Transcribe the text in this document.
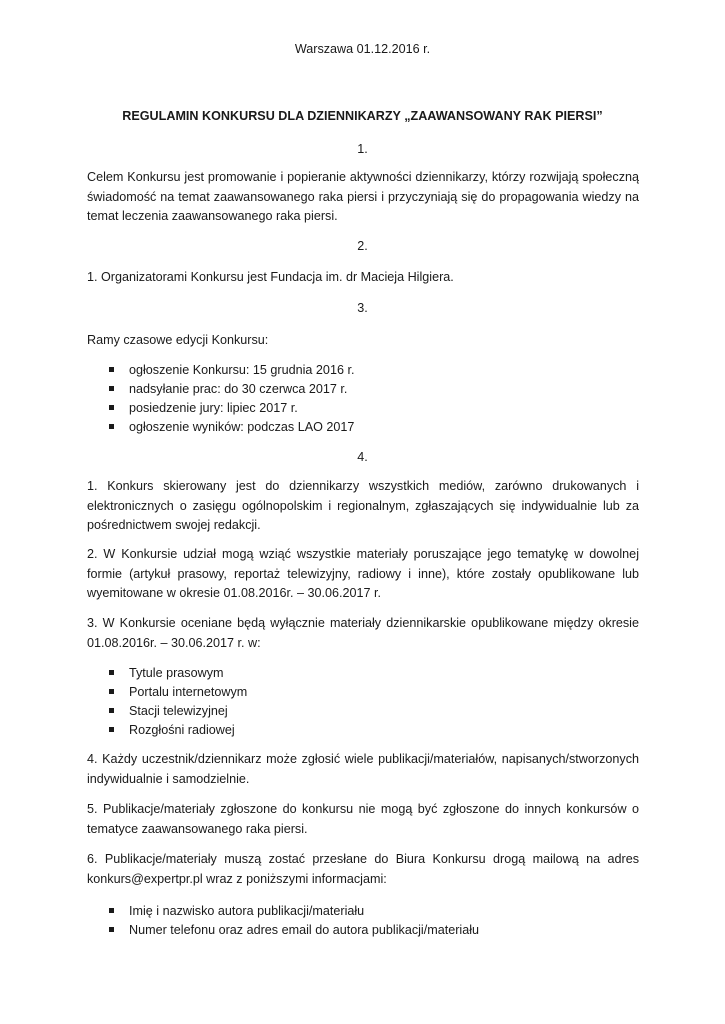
Warszawa 01.12.2016 r.

REGULAMIN KONKURSU DLA DZIENNIKARZY „ZAAWANSOWANY RAK PIERSI”

1.

Celem Konkursu jest promowanie i popieranie aktywności dziennikarzy, którzy rozwijają społeczną świadomość na temat zaawansowanego raka piersi i przyczyniają się do propagowania wiedzy na temat leczenia zaawansowanego raka piersi.

2.

1. Organizatorami Konkursu jest Fundacja im. dr Macieja Hilgiera.

3.

Ramy czasowe edycji Konkursu:

ogłoszenie Konkursu: 15 grudnia 2016 r.
nadsyłanie prac: do 30 czerwca 2017 r.
posiedzenie jury: lipiec 2017 r.
ogłoszenie wyników: podczas LAO 2017

4.

1. Konkurs skierowany jest do dziennikarzy wszystkich mediów, zarówno drukowanych i elektronicznych o zasięgu ogólnopolskim i regionalnym, zgłaszających się indywidualnie lub za pośrednictwem swojej redakcji.

2. W Konkursie udział mogą wziąć wszystkie materiały poruszające jego tematykę w dowolnej formie (artykuł prasowy, reportaż telewizyjny, radiowy i inne), które zostały opublikowane lub wyemitowane w okresie 01.08.2016r. – 30.06.2017 r.

3. W Konkursie oceniane będą wyłącznie materiały dziennikarskie opublikowane między okresie 01.08.2016r. – 30.06.2017 r. w:

Tytule prasowym
Portalu internetowym
Stacji telewizyjnej
Rozgłośni radiowej

4. Każdy uczestnik/dziennikarz może zgłosić wiele publikacji/materiałów, napisanych/stworzonych indywidualnie i samodzielnie.

5. Publikacje/materiały zgłoszone do konkursu nie mogą być zgłoszone do innych konkursów o tematyce zaawansowanego raka piersi.

6. Publikacje/materiały muszą zostać przesłane do Biura Konkursu drogą mailową na adres konkurs@expertpr.pl wraz z poniższymi informacjami:

Imię i nazwisko autora publikacji/materiału
Numer telefonu oraz adres email do autora publikacji/materiału
